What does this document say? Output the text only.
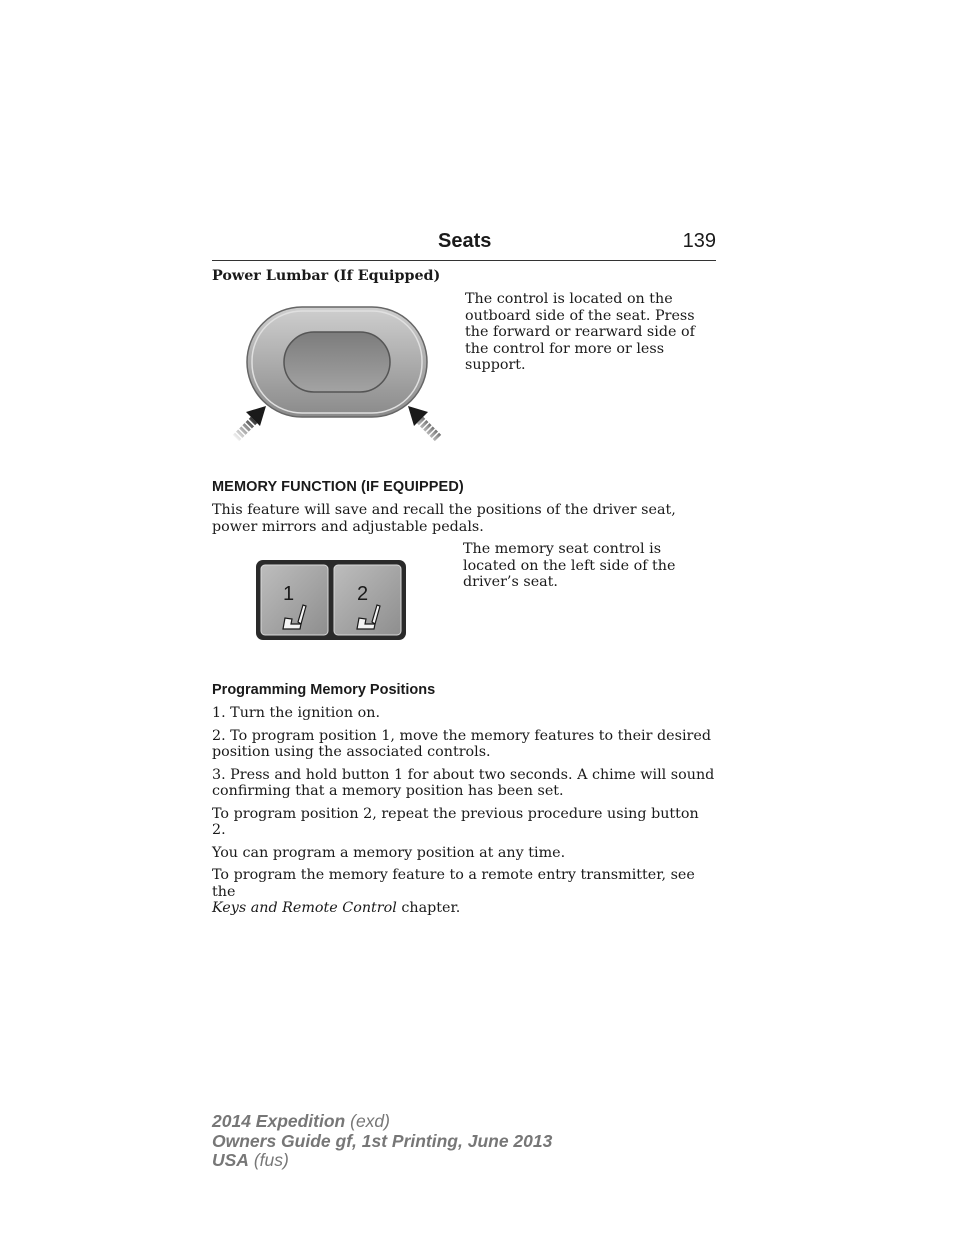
Seats	139
Power Lumbar (If Equipped)

The control is located on the outboard side of the seat. Press the forward or rearward side of the control for more or less support.

MEMORY FUNCTION (IF EQUIPPED)

This feature will save and recall the positions of the driver seat, power mirrors and adjustable pedals.

1	2

The memory seat control is located on the left side of the driver’s seat.

Programming Memory Positions

1. Turn the ignition on.

2. To program position 1, move the memory features to their desired position using the associated controls.

3. Press and hold button 1 for about two seconds. A chime will sound confirming that a memory position has been set.

To program position 2, repeat the previous procedure using button 2.

You can program a memory position at any time.

To program the memory feature to a remote entry transmitter, see the
Keys and Remote Control chapter.

2014 Expedition (exd)
Owners Guide gf, 1st Printing, June 2013
USA (fus)
